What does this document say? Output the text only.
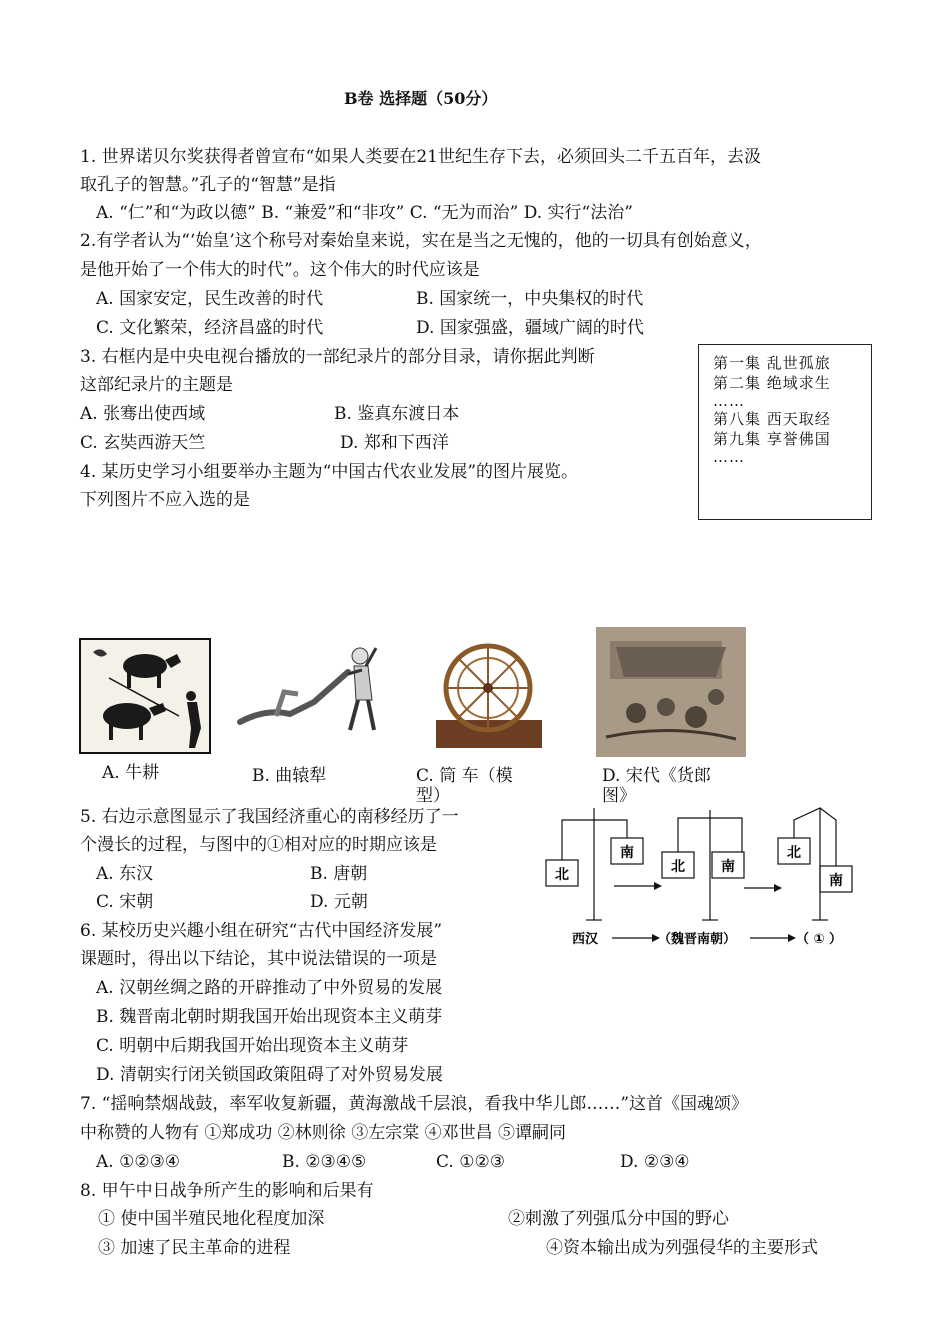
B卷 选择题（50分）
1. 世界诺贝尔奖获得者曾宣布“如果人类要在21世纪生存下去，必须回头二千五百年，去汲
取孔子的智慧。”孔子的“智慧”是指
A. “仁”和“为政以德” B. “兼爱”和“非攻” C. “无为而治” D. 实行“法治”
2.有学者认为“‘始皇’这个称号对秦始皇来说，实在是当之无愧的，他的一切具有创始意义，
是他开始了一个伟大的时代”。这个伟大的时代应该是
A. 国家安定，民生改善的时代	B. 国家统一，中央集权的时代
C. 文化繁荣，经济昌盛的时代	D. 国家强盛，疆域广阔的时代
3. 右框内是中央电视台播放的一部纪录片的部分目录，请你据此判断
这部纪录片的主题是
A. 张骞出使西域	B. 鉴真东渡日本
C. 玄奘西游天竺	D. 郑和下西洋
第一集 乱世孤旅
第二集 绝域求生
……
第八集 西天取经
第九集 享誉佛国
……
4. 某历史学习小组要举办主题为“中国古代农业发展”的图片展览。
下列图片不应入选的是
A. 牛耕	B. 曲辕犁	C. 筒 车（模
型）
D. 宋代《货郎
图》
5. 右边示意图显示了我国经济重心的南移经历了一
个漫长的过程，与图中的①相对应的时期应该是
A. 东汉	B. 唐朝
C. 宋朝	D. 元朝
北
南
北	南
北
南
西汉	（魏晋南朝）	（ ① ）
6. 某校历史兴趣小组在研究“古代中国经济发展”
课题时，得出以下结论，其中说法错误的一项是
A. 汉朝丝绸之路的开辟推动了中外贸易的发展
B. 魏晋南北朝时期我国开始出现资本主义萌芽
C. 明朝中后期我国开始出现资本主义萌芽
D. 清朝实行闭关锁国政策阻碍了对外贸易发展
7. “揺响禁烟战鼓，率军收复新疆，黄海激战千层浪，看我中华儿郎……”这首《国魂颂》
中称赞的人物有 ①郑成功 ②林则徐 ③左宗棠 ④邓世昌 ⑤谭嗣同
A. ①②③④	B. ②③④⑤	C. ①②③	D. ②③④
8. 甲午中日战争所产生的影响和后果有
① 使中国半殖民地化程度加深	②刺激了列强瓜分中国的野心
③ 加速了民主革命的进程	④资本输出成为列强侵华的主要形式
